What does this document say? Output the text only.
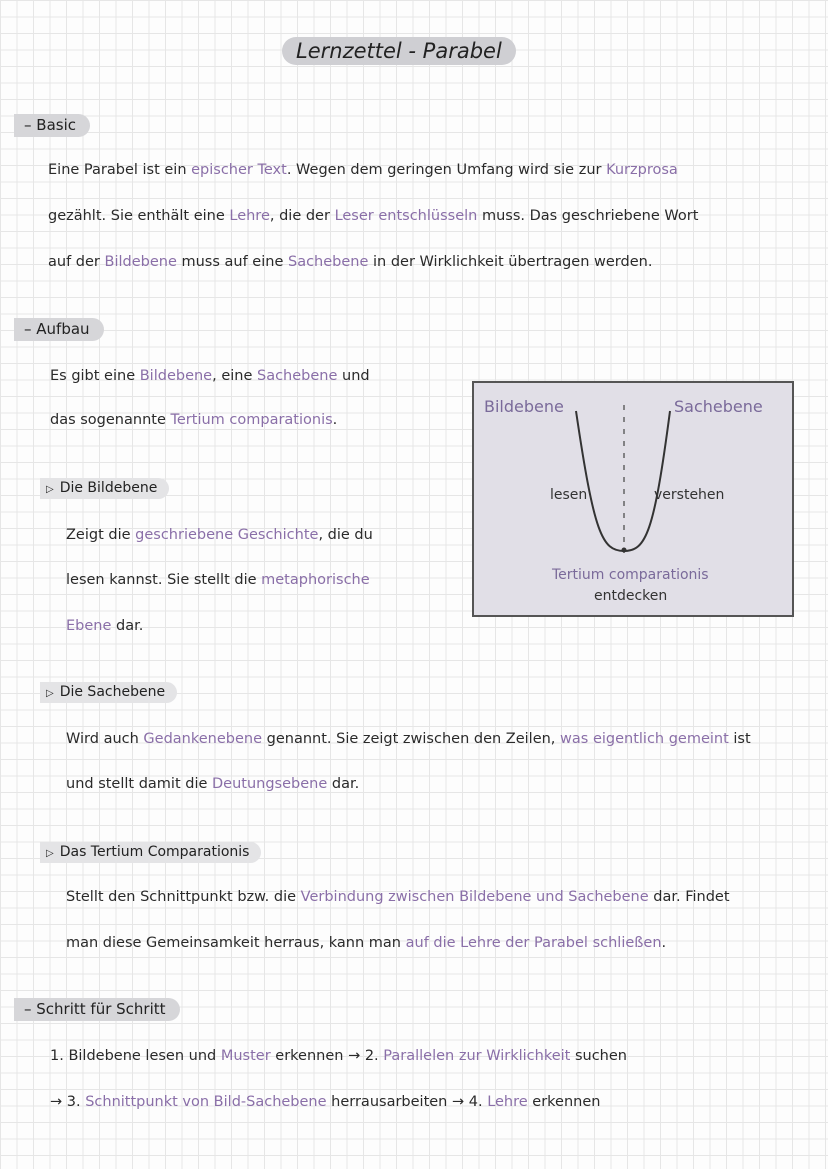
Lernzettel - Parabel
– Basic
Eine Parabel ist ein epischer Text. Wegen dem geringen Umfang wird sie zur Kurzprosa
gezählt. Sie enthält eine Lehre, die der Leser entschlüsseln muss. Das geschriebene Wort
auf der Bildebene muss auf eine Sachebene in der Wirklichkeit übertragen werden.
– Aufbau
Es gibt eine Bildebene, eine Sachebene und
das sogenannte Tertium comparationis.
▷ Die Bildebene
Zeigt die geschriebene Geschichte, die du
lesen kannst. Sie stellt die metaphorische
Ebene dar.
Bildebene	Sachebene
lesen	verstehen
Tertium comparationis
entdecken
▷ Die Sachebene
Wird auch Gedankenebene genannt. Sie zeigt zwischen den Zeilen, was eigentlich gemeint ist
und stellt damit die Deutungsebene dar.
▷ Das Tertium Comparationis
Stellt den Schnittpunkt bzw. die Verbindung zwischen Bildebene und Sachebene dar. Findet
man diese Gemeinsamkeit herraus, kann man auf die Lehre der Parabel schließen.
– Schritt für Schritt
1. Bildebene lesen und Muster erkennen → 2. Parallelen zur Wirklichkeit suchen
→ 3. Schnittpunkt von Bild-Sachebene herrausarbeiten → 4. Lehre erkennen
